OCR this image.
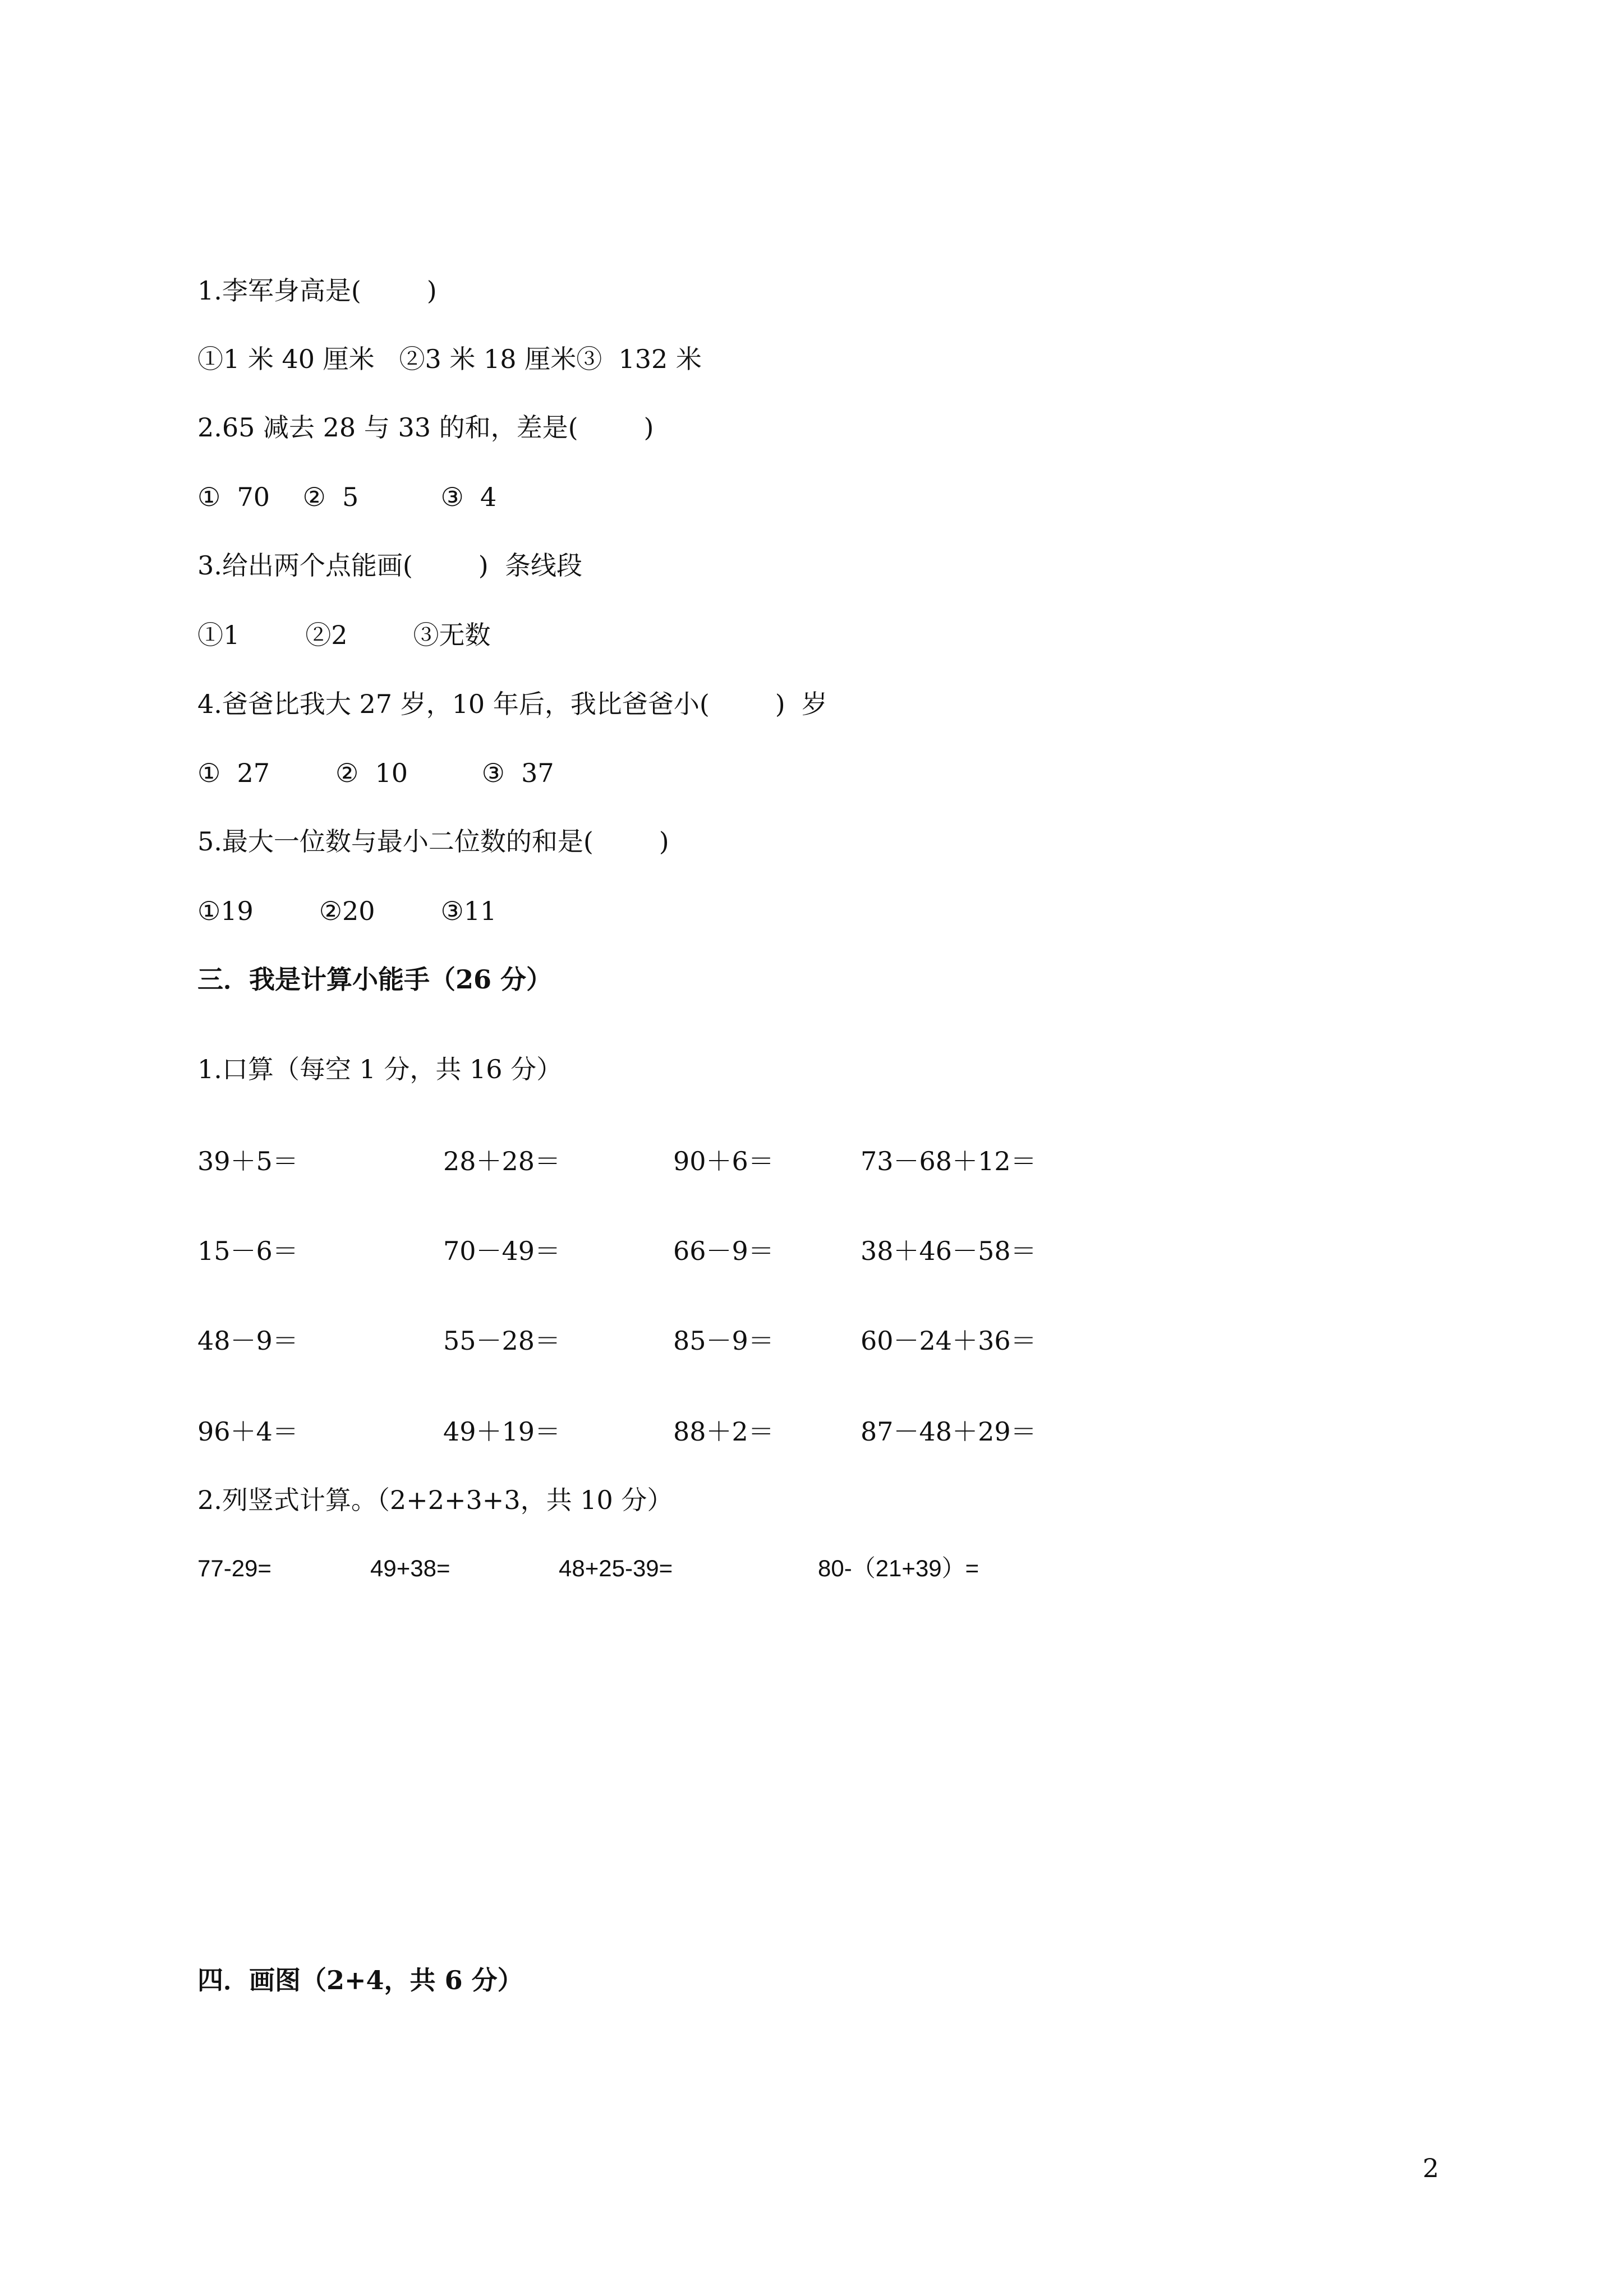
1.李军身高是(        )
①1 米 40 厘米   ②3 米 18 厘米③  132 米
2.65 减去 28 与 33 的和，差是(        )
①  70    ②  5          ③  4
3.给出两个点能画(        )  条线段
①1        ②2        ③无数
4.爸爸比我大 27 岁，10 年后，我比爸爸小(        )  岁
①  27        ②  10         ③  37
5.最大一位数与最小二位数的和是(        )
①19        ②20        ③11
三．我是计算小能手（26 分）
1.口算（每空 1 分，共 16 分）
39＋5＝	28＋28＝	90＋6＝	73－68＋12＝
15－6＝	70－49＝	66－9＝	38＋46－58＝
48－9＝	55－28＝	85－9＝	60－24＋36＝
96＋4＝	49＋19＝	88＋2＝	87－48＋29＝
2.列竖式计算。（2+2+3+3，共 10 分）
77-29=	49+38=	48+25-39=	80-（21+39）=
四．画图（2+4，共 6 分）
2
